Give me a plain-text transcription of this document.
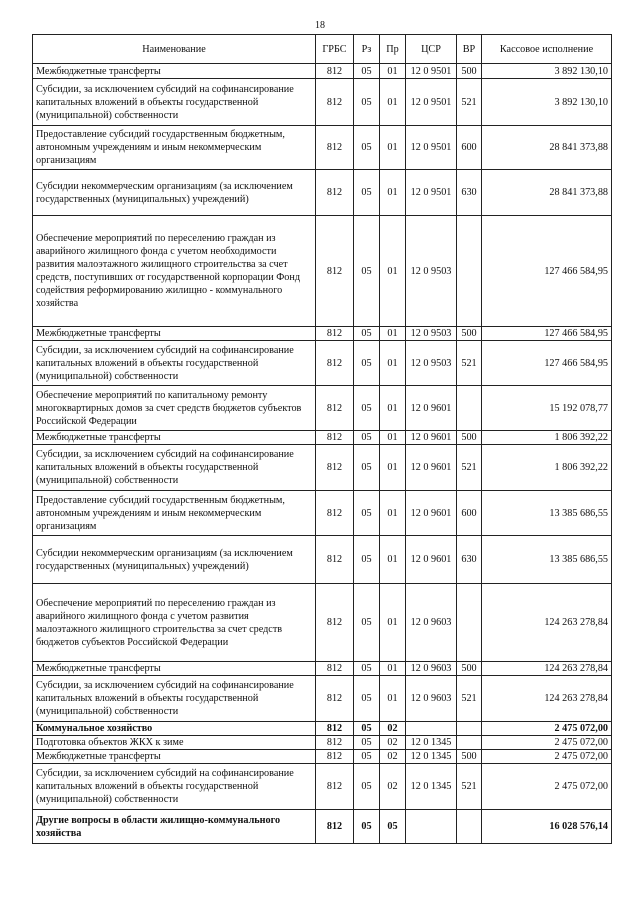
18
Наименование	ГРБС	Рз	Пр	ЦСР	ВР	Кассовое исполнение
Межбюджетные трансферты	812	05	01	12 0 9501	500	3 892 130,10
Субсидии, за исключением субсидий на софинансирование капитальных вложений в объекты государственной (муниципальной) собственности	812	05	01	12 0 9501	521	3 892 130,10
Предоставление субсидий государственным бюджетным, автономным учреждениям и иным некоммерческим организациям	812	05	01	12 0 9501	600	28 841 373,88
Субсидии некоммерческим организациям (за исключением государственных (муниципальных) учреждений)	812	05	01	12 0 9501	630	28 841 373,88
Обеспечение мероприятий по переселению граждан из аварийного жилищного фонда с учетом необходимости развития малоэтажного жилищного строительства за счет средств, поступивших от государственной корпорации Фонд содействия реформированию жилищно - коммунального хозяйства	812	05	01	12 0 9503		127 466 584,95
Межбюджетные трансферты	812	05	01	12 0 9503	500	127 466 584,95
Субсидии, за исключением субсидий на софинансирование капитальных вложений в объекты государственной (муниципальной) собственности	812	05	01	12 0 9503	521	127 466 584,95
Обеспечение мероприятий по капитальному ремонту многоквартирных домов за счет средств бюджетов субъектов Российской Федерации	812	05	01	12 0 9601		15 192 078,77
Межбюджетные трансферты	812	05	01	12 0 9601	500	1 806 392,22
Субсидии, за исключением субсидий на софинансирование капитальных вложений в объекты государственной (муниципальной) собственности	812	05	01	12 0 9601	521	1 806 392,22
Предоставление субсидий государственным бюджетным, автономным учреждениям и иным некоммерческим организациям	812	05	01	12 0 9601	600	13 385 686,55
Субсидии некоммерческим организациям (за исключением государственных (муниципальных) учреждений)	812	05	01	12 0 9601	630	13 385 686,55
Обеспечение мероприятий по переселению граждан из аварийного жилищного фонда с учетом развития малоэтажного жилищного строительства за счет средств бюджетов субъектов Российской Федерации	812	05	01	12 0 9603		124 263 278,84
Межбюджетные трансферты	812	05	01	12 0 9603	500	124 263 278,84
Субсидии, за исключением субсидий на софинансирование капитальных вложений в объекты государственной (муниципальной) собственности	812	05	01	12 0 9603	521	124 263 278,84
Коммунальное хозяйство	812	05	02			2 475 072,00
Подготовка объектов ЖКХ к зиме	812	05	02	12 0 1345		2 475 072,00
Межбюджетные трансферты	812	05	02	12 0 1345	500	2 475 072,00
Субсидии, за исключением субсидий на софинансирование капитальных вложений в объекты государственной (муниципальной) собственности	812	05	02	12 0 1345	521	2 475 072,00
Другие вопросы в области жилищно-коммунального хозяйства	812	05	05			16 028 576,14
